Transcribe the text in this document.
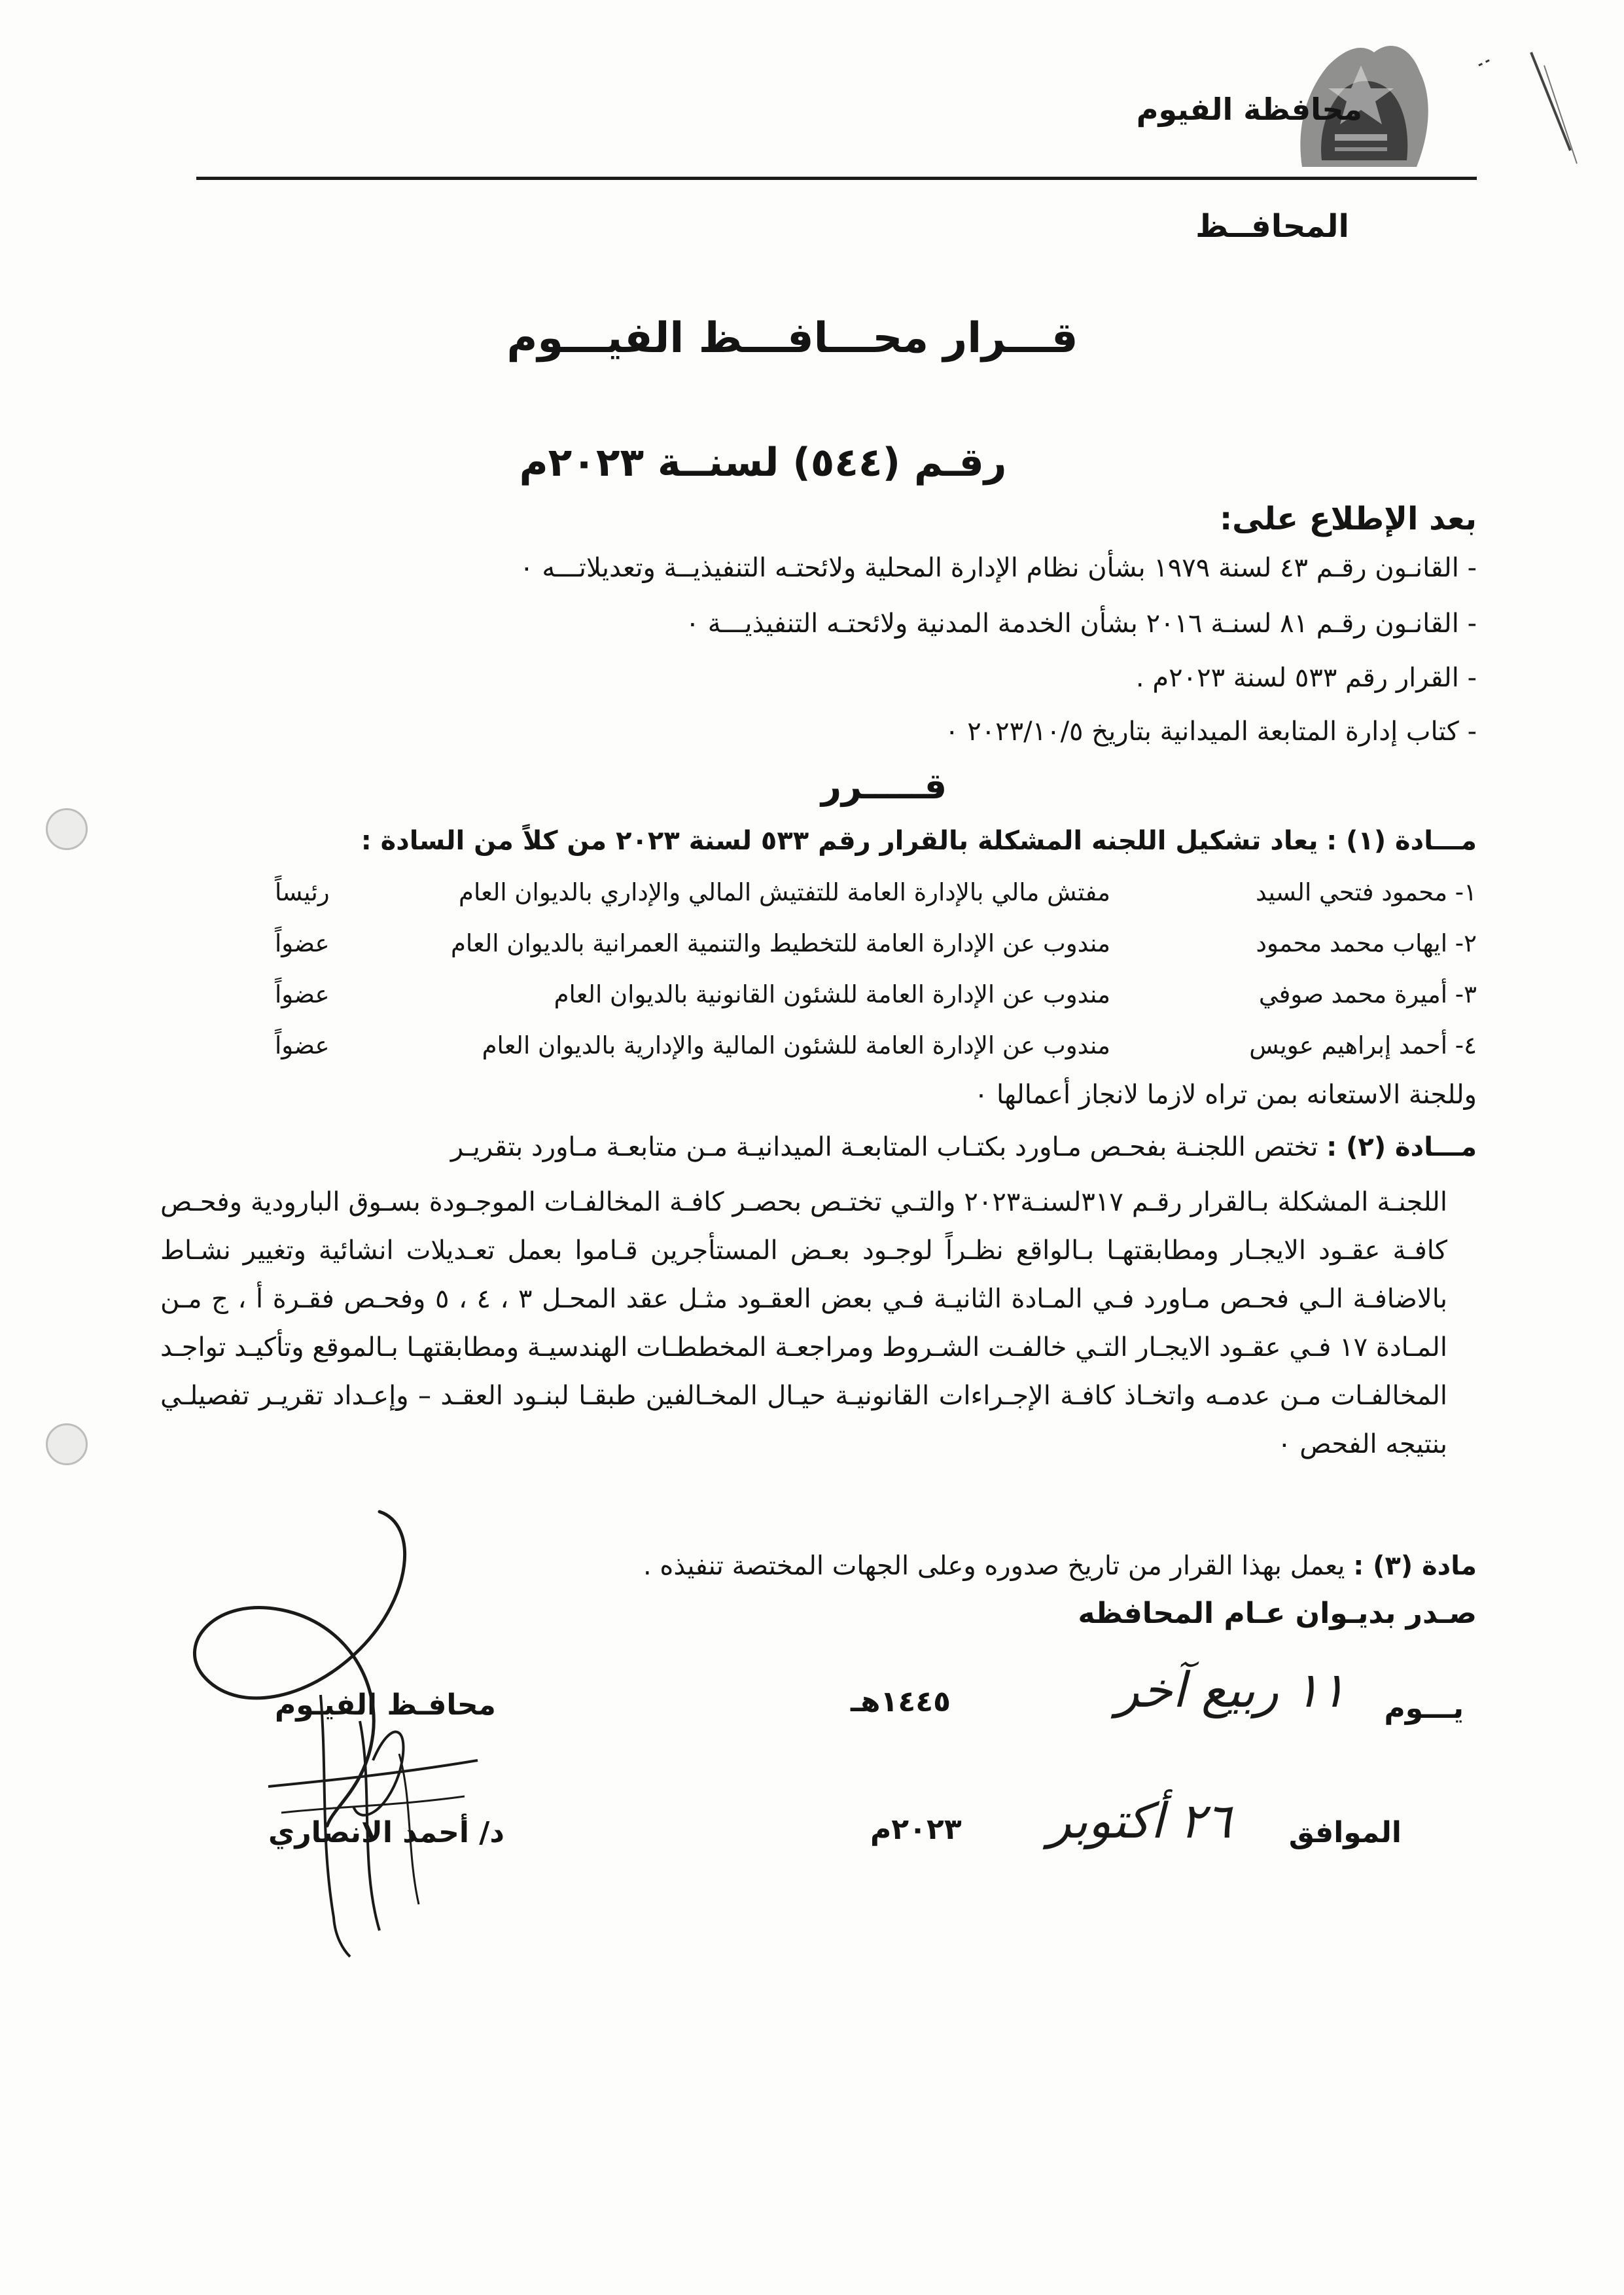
محافظة الفيوم
المحافــظ
قـــرار محـــافـــظ الفيـــوم
رقـم (٥٤٤) لسنــة ٢٠٢٣م
بعد الإطلاع على:
- القانـون رقـم ٤٣ لسنة ١٩٧٩ بشأن نظام الإدارة المحلية ولائحتـه التنفيذيــة وتعديلاتـــه ٠
- القانـون رقـم ٨١ لسنـة ٢٠١٦ بشأن الخدمة المدنية ولائحتـه التنفيذيـــة ٠
- القرار رقم ٥٣٣ لسنة ٢٠٢٣م .
- كتاب إدارة المتابعة الميدانية بتاريخ ٢٠٢٣/١٠/٥ ٠
قـــــرر
مـــادة (١) : يعاد تشكيل اللجنه المشكلة بالقرار رقم ٥٣٣ لسنة ٢٠٢٣ من كلاً من السادة :
١- محمود فتحي السيد
مفتش مالي بالإدارة العامة للتفتيش المالي والإداري بالديوان العام
رئيساً
٢- ايهاب محمد محمود
مندوب عن الإدارة العامة للتخطيط والتنمية العمرانية بالديوان العام
عضواً
٣- أميرة محمد صوفي
مندوب عن الإدارة العامة للشئون القانونية بالديوان العام
عضواً
٤- أحمد إبراهيم عويس
مندوب عن الإدارة العامة للشئون المالية والإدارية بالديوان العام
عضواً
وللجنة الاستعانه بمن تراه لازما لانجاز أعمالها ٠
مـــادة (٢) : تختص اللجنـة بفحـص مـاورد بكتـاب المتابعـة الميدانيـة مـن متابعـة مـاورد بتقريـر
اللجنـة المشكلة بـالقرار رقـم ٣١٧لسنـة٢٠٢٣ والتـي تختـص بحصـر كافـة المخالفـات الموجـودة بسـوق البارودية وفحـص كافـة عقـود الايجـار ومطابقتهـا بـالواقع نظـراً لوجـود بعـض المستأجرين قـاموا بعمل تعـديلات انشائية وتغيير نشـاط بالاضافـة الـي فحـص مـاورد فـي المـادة الثانيـة فـي بعض العقـود مثـل عقد المحـل ٣ ، ٤ ، ٥ وفحـص فقـرة أ ، ج مـن المـادة ١٧ فـي عقـود الايجـار التـي خالفـت الشـروط ومراجعـة المخططـات الهندسيـة ومطابقتهـا بـالموقع وتأكيـد تواجـد المخالفـات مـن عدمـه واتخـاذ كافـة الإجـراءات القانونيـة حيـال المخـالفين طبقـا لبنـود العقـد – وإعـداد تقريـر تفصيلـي بنتيجه الفحص ٠
مادة (٣) : يعمل بهذا القرار من تاريخ صدوره وعلى الجهات المختصة تنفيذه .
صـدر بديـوان عـام المحافظه
يـــوم
١١ ربيع آخر
١٤٤٥هـ
الموافق
٢٦ أكتوبر
٢٠٢٣م
محافـظ الفيـوم
د/ أحمد الانصاري
